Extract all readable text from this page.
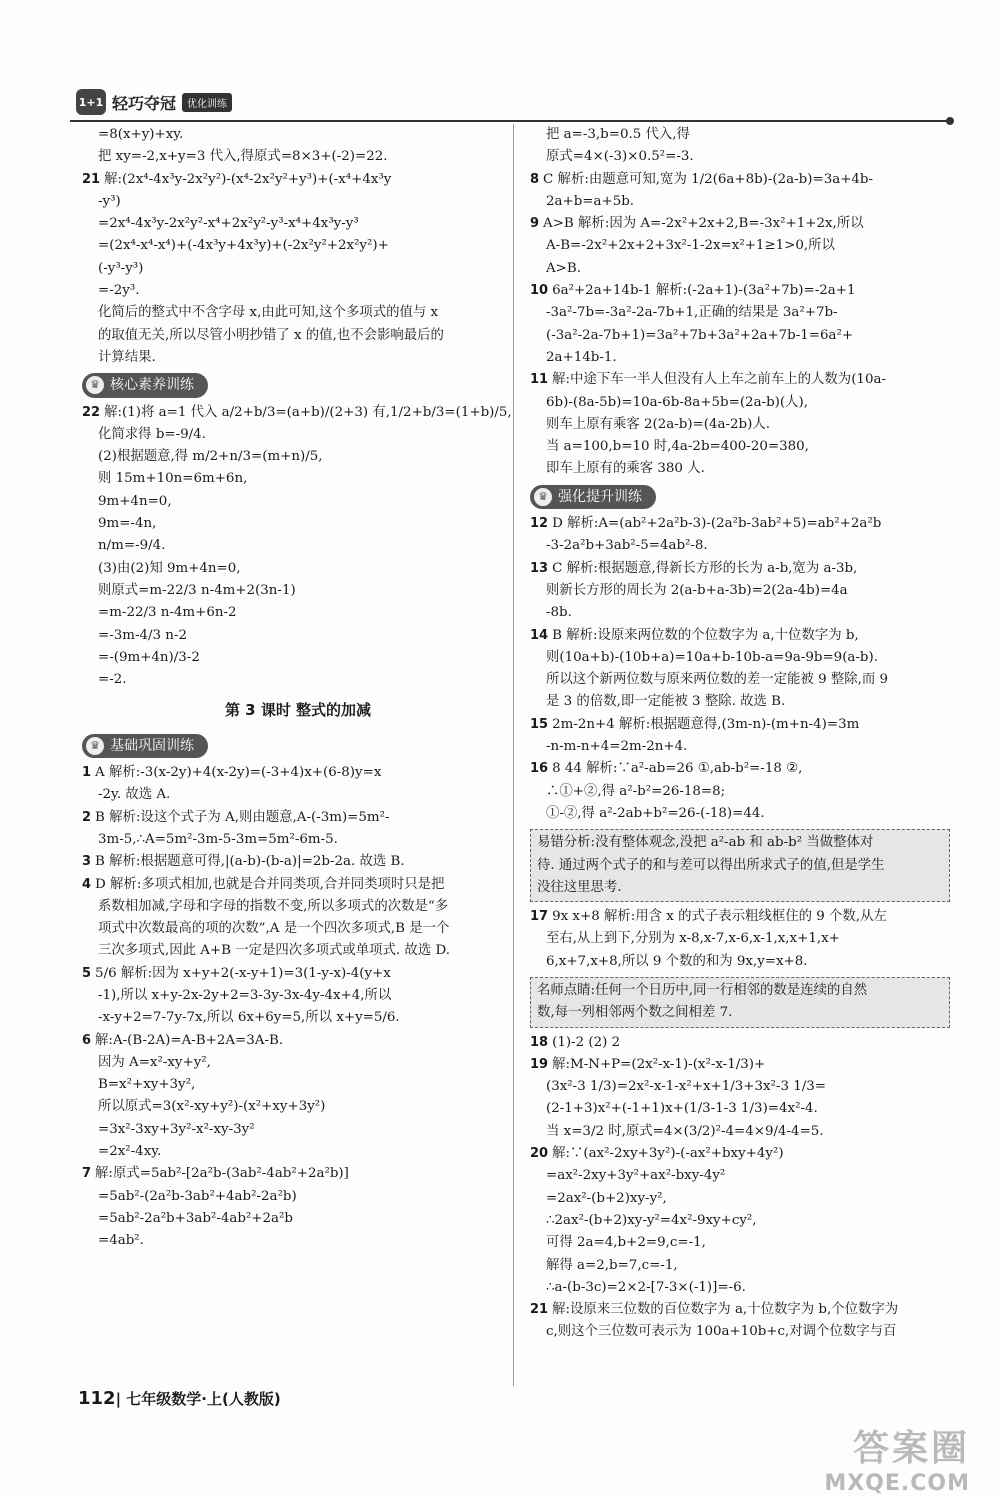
1+1 轻巧夺冠	优化训练
=8(x+y)+xy.
把 xy=-2,x+y=3 代入,得原式=8×3+(-2)=22.
21 解:(2x⁴-4x³y-2x²y²)-(x⁴-2x²y²+y³)+(-x⁴+4x³y
-y³)
=2x⁴-4x³y-2x²y²-x⁴+2x²y²-y³-x⁴+4x³y-y³
=(2x⁴-x⁴-x⁴)+(-4x³y+4x³y)+(-2x²y²+2x²y²)+
(-y³-y³)
=-2y³.
化简后的整式中不含字母 x,由此可知,这个多项式的值与 x
的取值无关,所以尽管小明抄错了 x 的值,也不会影响最后的
计算结果.
♛ 核心素养训练
22 解:(1)将 a=1 代入 a/2+b/3=(a+b)/(2+3) 有,1/2+b/3=(1+b)/5,
化简求得 b=-9/4.
(2)根据题意,得 m/2+n/3=(m+n)/5,
则 15m+10n=6m+6n,
9m+4n=0,
9m=-4n,
n/m=-9/4.
(3)由(2)知 9m+4n=0,
则原式=m-22/3 n-4m+2(3n-1)
=m-22/3 n-4m+6n-2
=-3m-4/3 n-2
=-(9m+4n)/3-2
=-2.
第 3 课时 整式的加减
♛ 基础巩固训练
1 A 解析:-3(x-2y)+4(x-2y)=(-3+4)x+(6-8)y=x
-2y. 故选 A.
2 B 解析:设这个式子为 A,则由题意,A-(-3m)=5m²-
3m-5,∴A=5m²-3m-5-3m=5m²-6m-5.
3 B 解析:根据题意可得,|(a-b)-(b-a)|=2b-2a. 故选 B.
4 D 解析:多项式相加,也就是合并同类项,合并同类项时只是把
系数相加减,字母和字母的指数不变,所以多项式的次数是“多
项式中次数最高的项的次数”,A 是一个四次多项式,B 是一个
三次多项式,因此 A+B 一定是四次多项式或单项式. 故选 D.
5 5/6 解析:因为 x+y+2(-x-y+1)=3(1-y-x)-4(y+x
-1),所以 x+y-2x-2y+2=3-3y-3x-4y-4x+4,所以
-x-y+2=7-7y-7x,所以 6x+6y=5,所以 x+y=5/6.
6 解:A-(B-2A)=A-B+2A=3A-B.
因为 A=x²-xy+y²,
B=x²+xy+3y²,
所以原式=3(x²-xy+y²)-(x²+xy+3y²)
=3x²-3xy+3y²-x²-xy-3y²
=2x²-4xy.
7 解:原式=5ab²-[2a²b-(3ab²-4ab²+2a²b)]
=5ab²-(2a²b-3ab²+4ab²-2a²b)
=5ab²-2a²b+3ab²-4ab²+2a²b
=4ab².
把 a=-3,b=0.5 代入,得
原式=4×(-3)×0.5²=-3.
8 C 解析:由题意可知,宽为 1/2(6a+8b)-(2a-b)=3a+4b-
2a+b=a+5b.
9 A>B 解析:因为 A=-2x²+2x+2,B=-3x²+1+2x,所以
A-B=-2x²+2x+2+3x²-1-2x=x²+1≥1>0,所以
A>B.
10 6a²+2a+14b-1 解析:(-2a+1)-(3a²+7b)=-2a+1
-3a²-7b=-3a²-2a-7b+1,正确的结果是 3a²+7b-
(-3a²-2a-7b+1)=3a²+7b+3a²+2a+7b-1=6a²+
2a+14b-1.
11 解:中途下车一半人但没有人上车之前车上的人数为(10a-
6b)-(8a-5b)=10a-6b-8a+5b=(2a-b)(人),
则车上原有乘客 2(2a-b)=(4a-2b)人.
当 a=100,b=10 时,4a-2b=400-20=380,
即车上原有的乘客 380 人.
♛ 强化提升训练
12 D 解析:A=(ab²+2a²b-3)-(2a²b-3ab²+5)=ab²+2a²b
-3-2a²b+3ab²-5=4ab²-8.
13 C 解析:根据题意,得新长方形的长为 a-b,宽为 a-3b,
则新长方形的周长为 2(a-b+a-3b)=2(2a-4b)=4a
-8b.
14 B 解析:设原来两位数的个位数字为 a,十位数字为 b,
则(10a+b)-(10b+a)=10a+b-10b-a=9a-9b=9(a-b).
所以这个新两位数与原来两位数的差一定能被 9 整除,而 9
是 3 的倍数,即一定能被 3 整除. 故选 B.
15 2m-2n+4 解析:根据题意得,(3m-n)-(m+n-4)=3m
-n-m-n+4=2m-2n+4.
16 8 44 解析:∵a²-ab=26 ①,ab-b²=-18 ②,
∴①+②,得 a²-b²=26-18=8;
①-②,得 a²-2ab+b²=26-(-18)=44.
易错分析:没有整体观念,没把 a²-ab 和 ab-b² 当做整体对
待. 通过两个式子的和与差可以得出所求式子的值,但是学生
没往这里思考.
17 9x x+8 解析:用含 x 的式子表示粗线框住的 9 个数,从左
至右,从上到下,分别为 x-8,x-7,x-6,x-1,x,x+1,x+
6,x+7,x+8,所以 9 个数的和为 9x,y=x+8.
名师点睛:任何一个日历中,同一行相邻的数是连续的自然
数,每一列相邻两个数之间相差 7.
18 (1)-2 (2) 2
19 解:M-N+P=(2x²-x-1)-(x²-x-1/3)+
(3x²-3 1/3)=2x²-x-1-x²+x+1/3+3x²-3 1/3=
(2-1+3)x²+(-1+1)x+(1/3-1-3 1/3)=4x²-4.
当 x=3/2 时,原式=4×(3/2)²-4=4×9/4-4=5.
20 解:∵(ax²-2xy+3y²)-(-ax²+bxy+4y²)
=ax²-2xy+3y²+ax²-bxy-4y²
=2ax²-(b+2)xy-y²,
∴2ax²-(b+2)xy-y²=4x²-9xy+cy²,
可得 2a=4,b+2=9,c=-1,
解得 a=2,b=7,c=-1,
∴a-(b-3c)=2×2-[7-3×(-1)]=-6.
21 解:设原来三位数的百位数字为 a,十位数字为 b,个位数字为
c,则这个三位数可表示为 100a+10b+c,对调个位数字与百
112| 七年级数学·上(人教版)
答案圈
MXQE.COM
